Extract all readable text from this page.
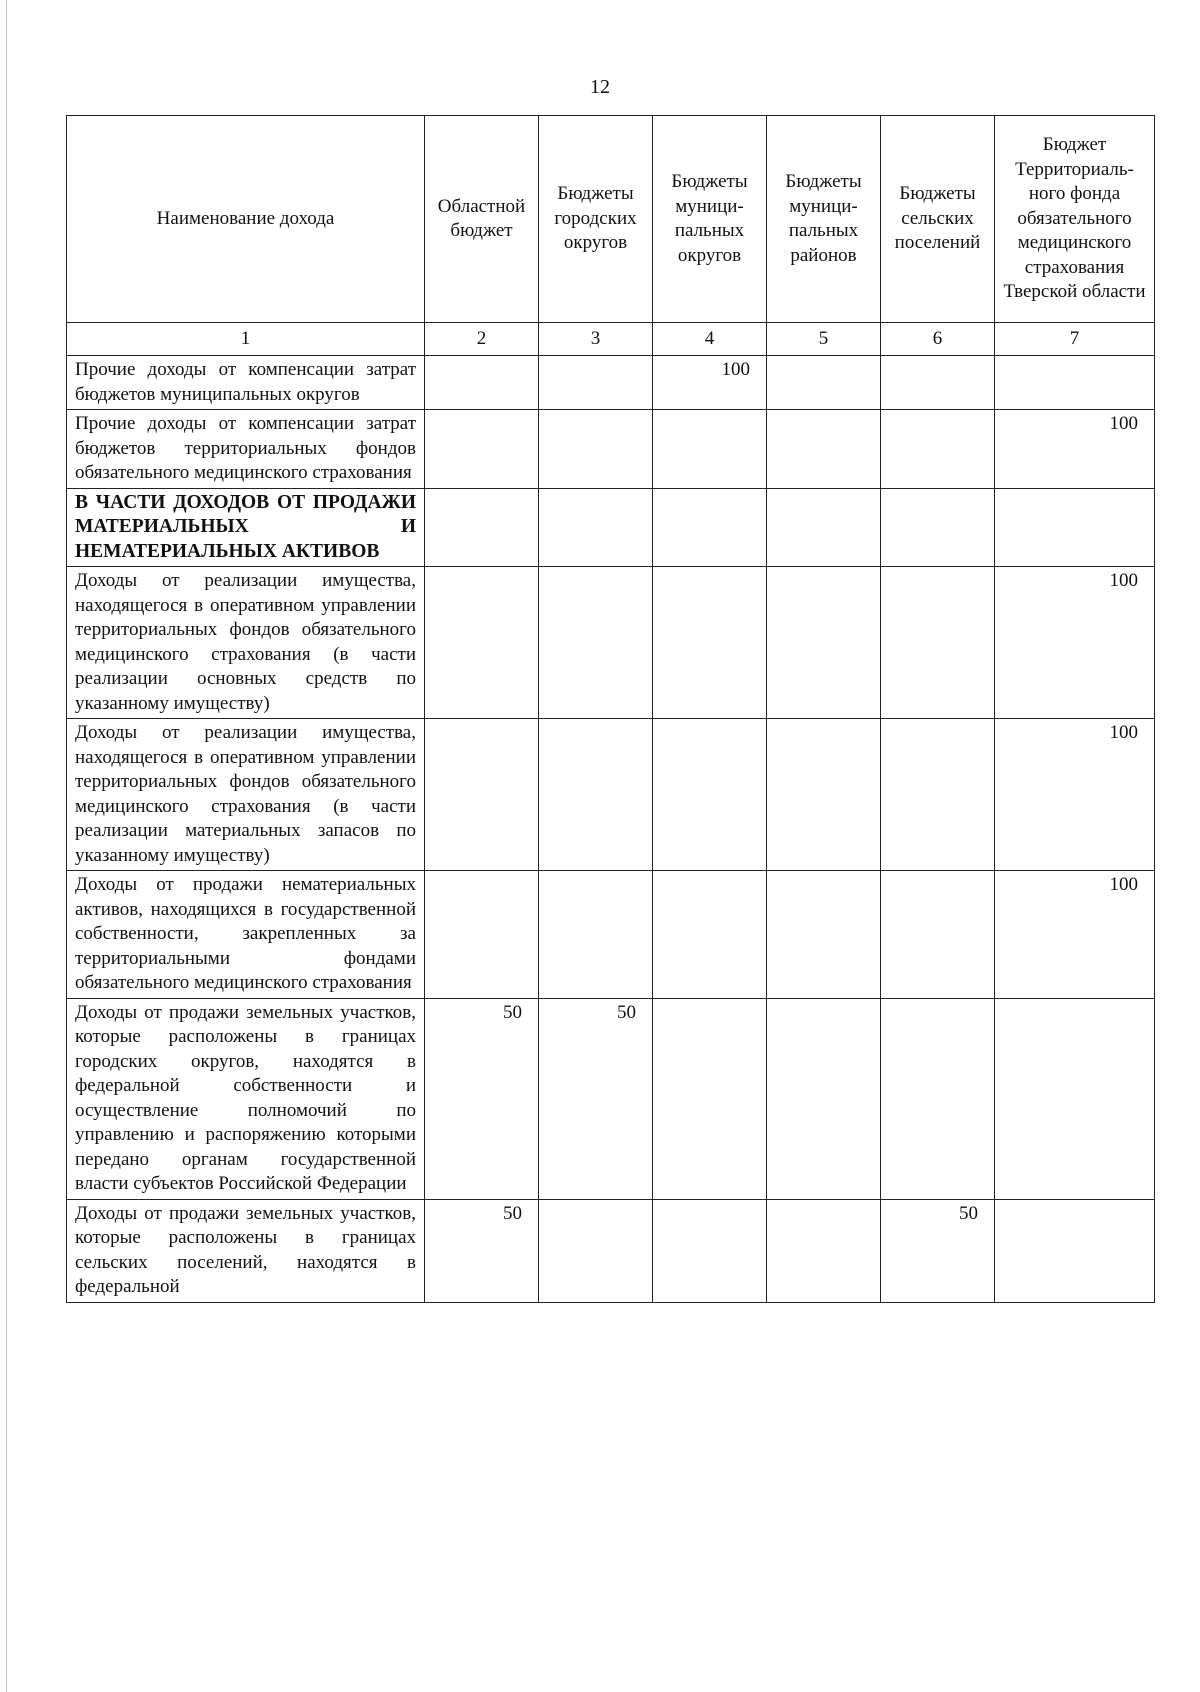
12
Наименование дохода	Областной бюджет	Бюджеты городских округов	Бюджеты муници-пальных округов	Бюджеты муници-пальных районов	Бюджеты сельских поселений	Бюджет Территориаль-ного фонда обязательного медицинского страхования Тверской области
1	2	3	4	5	6	7
Прочие доходы от компенсации затрат бюджетов муниципальных округов			100			
Прочие доходы от компенсации затрат бюджетов территориальных фондов обязательного медицинского страхования						100
В ЧАСТИ ДОХОДОВ ОТ ПРОДАЖИ МАТЕРИАЛЬНЫХ И НЕМАТЕРИАЛЬНЫХ АКТИВОВ						
Доходы от реализации имущества, находящегося в оперативном управлении территориальных фондов обязательного медицинского страхования (в части реализации основных средств по указанному имуществу)						100
Доходы от реализации имущества, находящегося в оперативном управлении территориальных фондов обязательного медицинского страхования (в части реализации материальных запасов по указанному имуществу)						100
Доходы от продажи нематериальных активов, находящихся в государственной собственности, закрепленных за территориальными фондами обязательного медицинского страхования						100
Доходы от продажи земельных участков, которые расположены в границах городских округов, находятся в федеральной собственности и осуществление полномочий по управлению и распоряжению которыми передано органам государственной власти субъектов Российской Федерации	50	50				
Доходы от продажи земельных участков, которые расположены в границах сельских поселений, находятся в федеральной	50				50	
